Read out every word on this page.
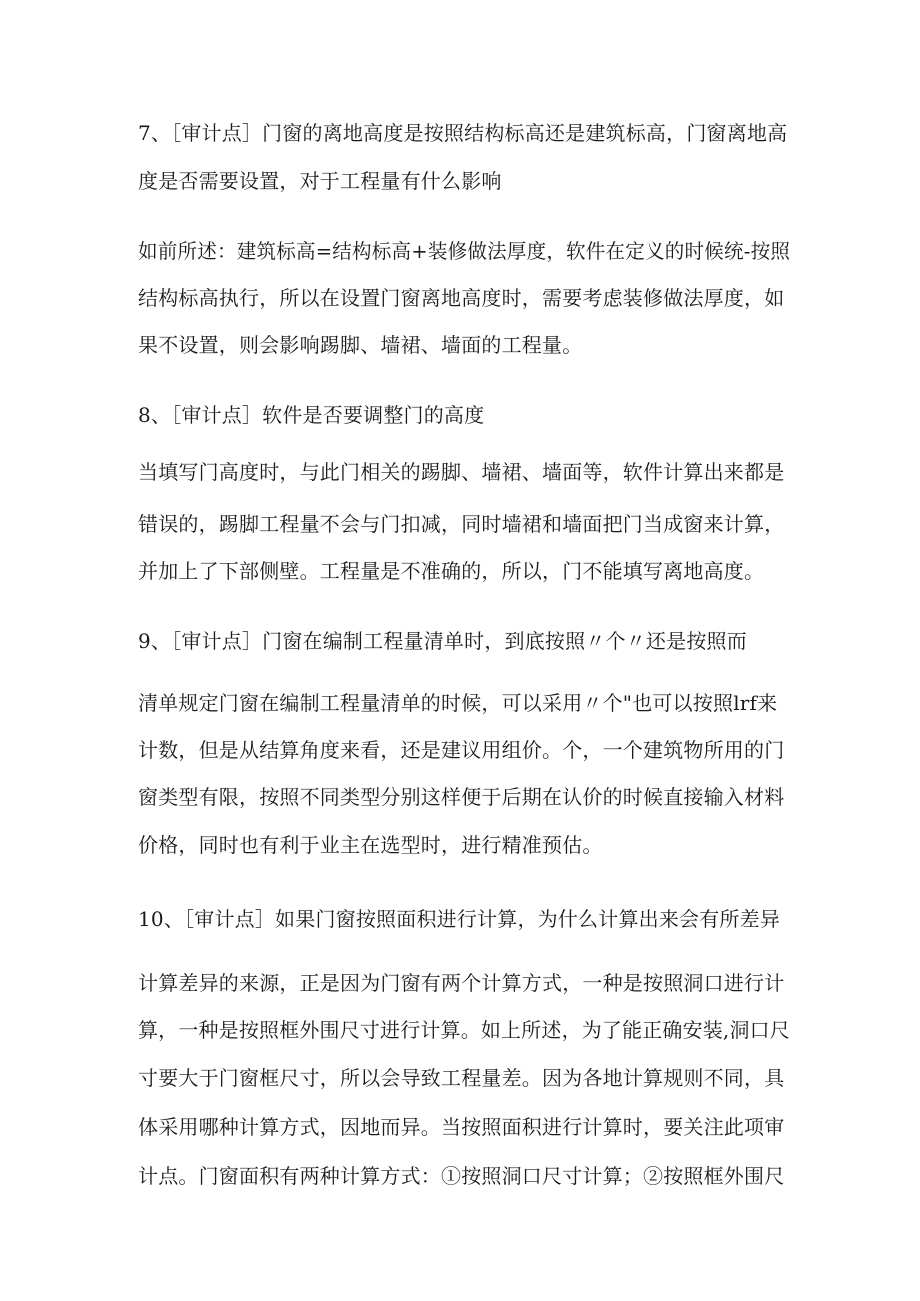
7、［审计点］门窗的离地高度是按照结构标高还是建筑标高，门窗离地高
度是否需要设置，对于工程量有什么影响
如前所述：建筑标高=结构标高+装修做法厚度，软件在定义的时候统-按照
结构标高执行，所以在设置门窗离地高度时，需要考虑装修做法厚度，如
果不设置，则会影响踢脚、墙裙、墙面的工程量。
8、［审计点］软件是否要调整门的高度
当填写门高度时，与此门相关的踢脚、墙裙、墙面等，软件计算出来都是
错误的，踢脚工程量不会与门扣减，同时墙裙和墙面把门当成窗来计算，
并加上了下部侧壁。工程量是不准确的，所以，门不能填写离地高度。
9、［审计点］门窗在编制工程量清单时，到底按照〃个〃还是按照而
清单规定门窗在编制工程量清单的时候，可以采用〃个"也可以按照lrf来
计数，但是从结算角度来看，还是建议用组价。个，一个建筑物所用的门
窗类型有限，按照不同类型分别这样便于后期在认价的时候直接输入材料
价格，同时也有利于业主在选型时，进行精准预估。
10、［审计点］如果门窗按照面积进行计算，为什么计算出来会有所差异
计算差异的来源，正是因为门窗有两个计算方式，一种是按照洞口进行计
算，一种是按照框外围尺寸进行计算。如上所述，为了能正确安装,洞口尺
寸要大于门窗框尺寸，所以会导致工程量差。因为各地计算规则不同，具
体采用哪种计算方式，因地而异。当按照面积进行计算时，要关注此项审
计点。门窗面积有两种计算方式：①按照洞口尺寸计算；②按照框外围尺
